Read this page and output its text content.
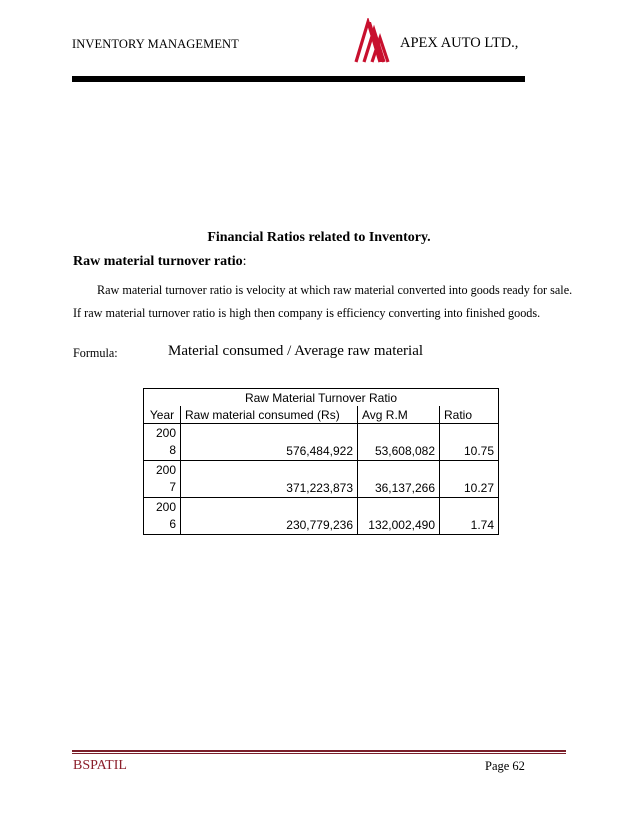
INVENTORY MANAGEMENT	APEX AUTO LTD.,
Financial Ratios related to Inventory.
Raw material turnover ratio:
Raw material turnover ratio is velocity at which raw material converted into goods ready for sale. If raw material turnover ratio is high then company is efficiency converting into finished goods.
Formula:	Material consumed / Average raw material
Raw Material Turnover Ratio			
Year	Raw material consumed (Rs)	Avg R.M	Ratio
200
8	576,484,922	53,608,082	10.75
200
7	371,223,873	36,137,266	10.27
200
6	230,779,236	132,002,490	1.74
BSPATIL	Page 62
